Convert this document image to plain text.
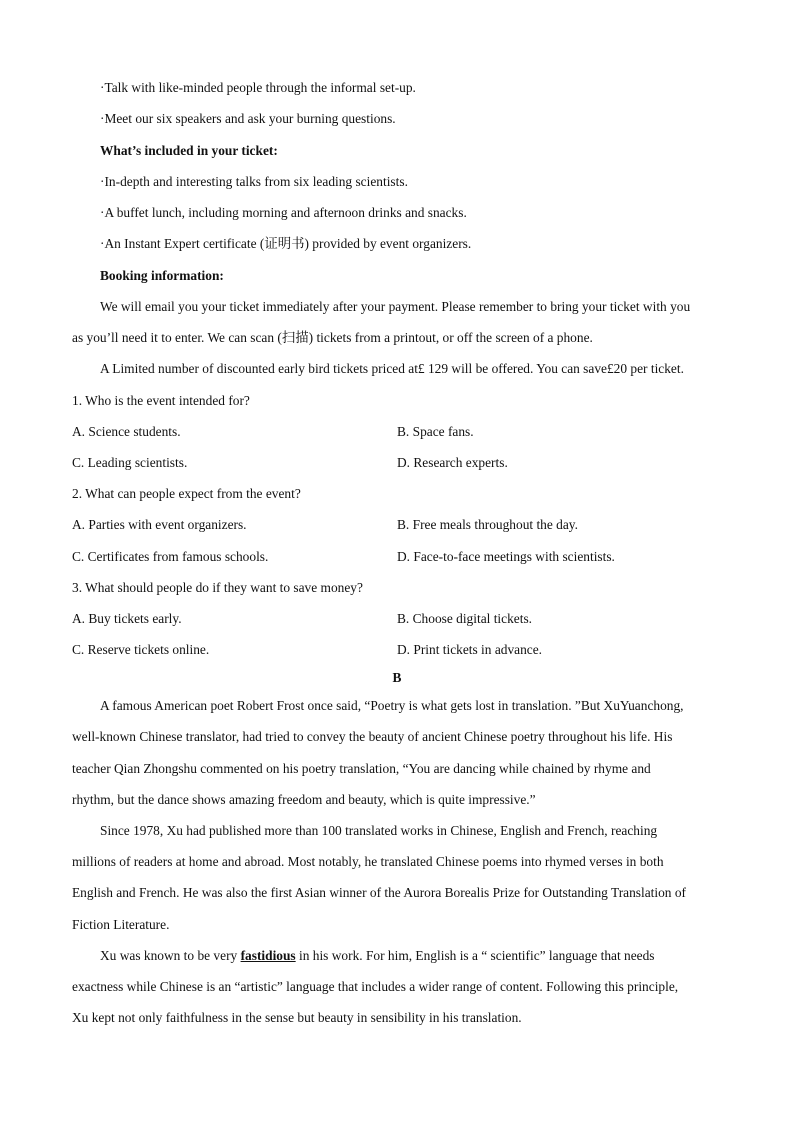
·Talk with like-minded people through the informal set-up.
·Meet our six speakers and ask your burning questions.
What’s included in your ticket:
·In-depth and interesting talks from six leading scientists.
·A buffet lunch, including morning and afternoon drinks and snacks.
·An Instant Expert certificate (证明书) provided by event organizers.
Booking information:
We will email you your ticket immediately after your payment. Please remember to bring your ticket with you
as you’ll need it to enter. We can scan (扫描) tickets from a printout, or off the screen of a phone.
A Limited number of discounted early bird tickets priced at£ 129 will be offered. You can save£20 per ticket.
1. Who is the event intended for?
A. Science students.	B. Space fans.
C. Leading scientists.	D. Research experts.
2. What can people expect from the event?
A. Parties with event organizers.	B. Free meals throughout the day.
C. Certificates from famous schools.	D. Face-to-face meetings with scientists.
3. What should people do if they want to save money?
A. Buy tickets early.	B. Choose digital tickets.
C. Reserve tickets online.	D. Print tickets in advance.
B
A famous American poet Robert Frost once said, “Poetry is what gets lost in translation. ”But XuYuanchong,
well-known Chinese translator, had tried to convey the beauty of ancient Chinese poetry throughout his life. His
teacher Qian Zhongshu commented on his poetry translation, “You are dancing while chained by rhyme and
rhythm, but the dance shows amazing freedom and beauty, which is quite impressive.”
Since 1978, Xu had published more than 100 translated works in Chinese, English and French, reaching
millions of readers at home and abroad. Most notably, he translated Chinese poems into rhymed verses in both
English and French. He was also the first Asian winner of the Aurora Borealis Prize for Outstanding Translation of
Fiction Literature.
Xu was known to be very fastidious in his work. For him, English is a “ scientific” language that needs
exactness while Chinese is an “artistic” language that includes a wider range of content. Following this principle,
Xu kept not only faithfulness in the sense but beauty in sensibility in his translation.
